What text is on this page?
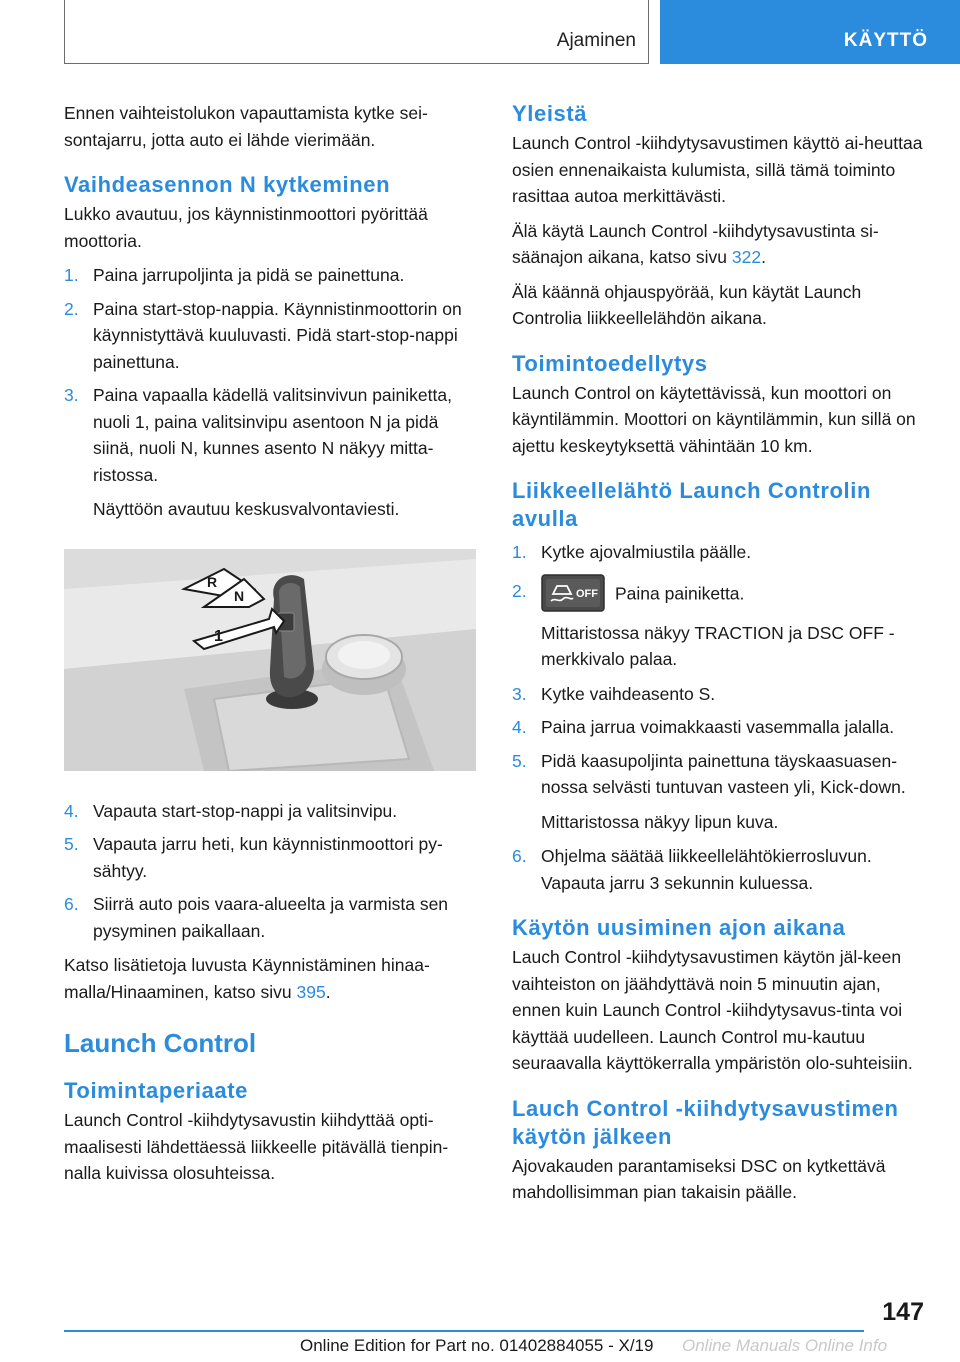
Ajaminen	KÄYTTÖ

Ennen vaihteistolukon vapauttamista kytke sei-sontajarru, jotta auto ei lähde vierimään.

Vaihdeasennon N kytkeminen

Lukko avautuu, jos käynnistinmoottori pyörittää moottoria.

1. Paina jarrupoljinta ja pidä se painettuna.
2. Paina start-stop-nappia. Käynnistinmoottorin on käynnistyttävä kuuluvasti. Pidä start-stop-nappi painettuna.
3. Paina vapaalla kädellä valitsinvivun painiketta, nuoli 1, paina valitsinvipu asentoon N ja pidä siinä, nuoli N, kunnes asento N näkyy mitta-ristossa.
Näyttöön avautuu keskusvalvontaviesti.
R
N
1
4. Vapauta start-stop-nappi ja valitsinvipu.
5. Vapauta jarru heti, kun käynnistinmoottori py-sähtyy.
6. Siirrä auto pois vaara-alueelta ja varmista sen pysyminen paikallaan.

Katso lisätietoja luvusta Käynnistäminen hinaa-malla/Hinaaminen, katso sivu 395.

Launch Control
Toimintaperiaate

Launch Control -kiihdytysavustin kiihdyttää opti-maalisesti lähdettäessä liikkeelle pitävällä tienpin-nalla kuivissa olosuhteissa.

Yleistä

Launch Control -kiihdytysavustimen käyttö ai-heuttaa osien ennenaikaista kulumista, sillä tämä toiminto rasittaa autoa merkittävästi.

Älä käytä Launch Control -kiihdytysavustinta si-säänajon aikana, katso sivu 322.

Älä käännä ohjauspyörää, kun käytät Launch Controlia liikkeellelähdön aikana.

Toimintoedellytys

Launch Control on käytettävissä, kun moottori on käyntilämmin. Moottori on käyntilämmin, kun sillä on ajettu keskeytyksettä vähintään 10 km.

Liikkeellelähtö Launch Controlin avulla
1. Kytke ajovalmiustila päälle.
2.	OFF Paina painiketta.
Mittaristossa näkyy TRACTION ja DSC OFF -merkkivalo palaa.
3. Kytke vaihdeasento S.
4. Paina jarrua voimakkaasti vasemmalla jalalla.
5. Pidä kaasupoljinta painettuna täyskaasuasen-nossa selvästi tuntuvan vasteen yli, Kick-down.
Mittaristossa näkyy lipun kuva.
6. Ohjelma säätää liikkeellelähtökierrosluvun. Vapauta jarru 3 sekunnin kuluessa.
Käytön uusiminen ajon aikana

Lauch Control -kiihdytysavustimen käytön jäl-keen vaihteiston on jäähdyttävä noin 5 minuutin ajan, ennen kuin Launch Control -kiihdytysavus-tinta voi käyttää uudelleen. Launch Control mu-kautuu seuraavalla käyttökerralla ympäristön olo-suhteisiin.

Lauch Control -kiihdytysavustimen käytön jälkeen

Ajovakauden parantamiseksi DSC on kytkettävä mahdollisimman pian takaisin päälle.

147
Online Edition for Part no. 01402884055 - X/19 Online Manuals Online Info
